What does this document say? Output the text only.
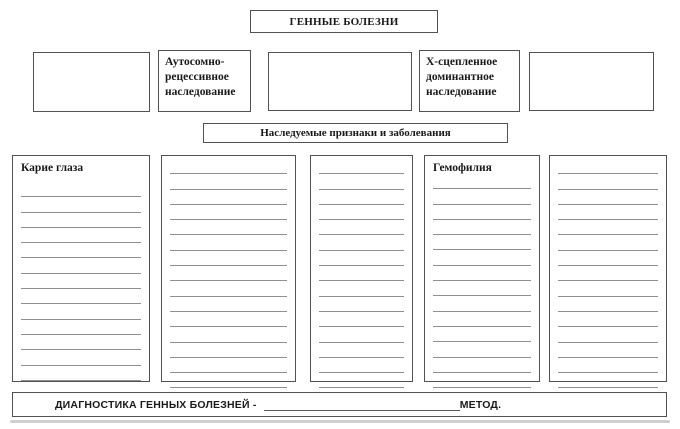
ГЕННЫЕ БОЛЕЗНИ
Аутосомно-рецессивное наследование
Х-сцепленное доминантное наследование
Наследуемые признаки и заболевания
Карие глаза	Гемофилия
ДИАГНОСТИКА ГЕННЫХ БОЛЕЗНЕЙ -	МЕТОД.
